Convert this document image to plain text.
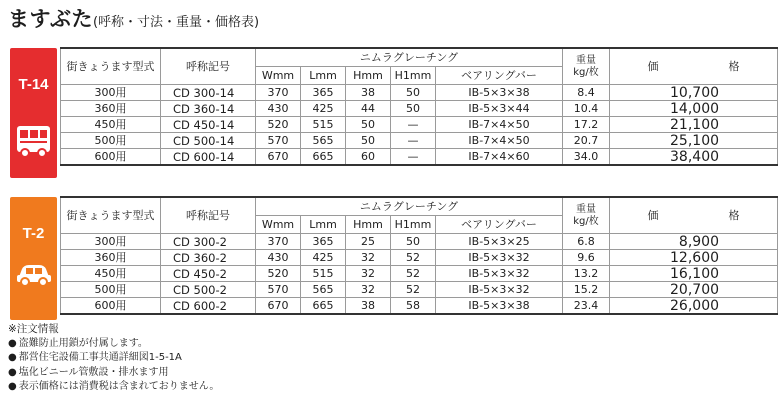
ますぶた(呼称・寸法・重量・価格表)
T-14
T-2
街きょうます型式	呼称記号	ニムラグレーチング					重量
kg/枚	価 格
		Wmm	Lmm	Hmm	H1mm	ベアリングバー		
300用	CD 300-14	370	365	38	50	IB-5×3×38	8.4	10,700
360用	CD 360-14	430	425	44	50	IB-5×3×44	10.4	14,000
450用	CD 450-14	520	515	50	—	IB-7×4×50	17.2	21,100
500用	CD 500-14	570	565	50	—	IB-7×4×50	20.7	25,100
600用	CD 600-14	670	665	60	—	IB-7×4×60	34.0	38,400
街きょうます型式	呼称記号	ニムラグレーチング					重量
kg/枚	価 格
		Wmm	Lmm	Hmm	H1mm	ベアリングバー		
300用	CD 300-2	370	365	25	50	IB-5×3×25	6.8	8,900
360用	CD 360-2	430	425	32	52	IB-5×3×32	9.6	12,600
450用	CD 450-2	520	515	32	52	IB-5×3×32	13.2	16,100
500用	CD 500-2	570	565	32	52	IB-5×3×32	15.2	20,700
600用	CD 600-2	670	665	38	58	IB-5×3×38	23.4	26,000
※注文情報
● 盗難防止用鎖が付属します。
● 都営住宅設備工事共通詳細図1-5-1A
● 塩化ビニール管敷設・排水ます用
● 表示価格には消費税は含まれておりません。
